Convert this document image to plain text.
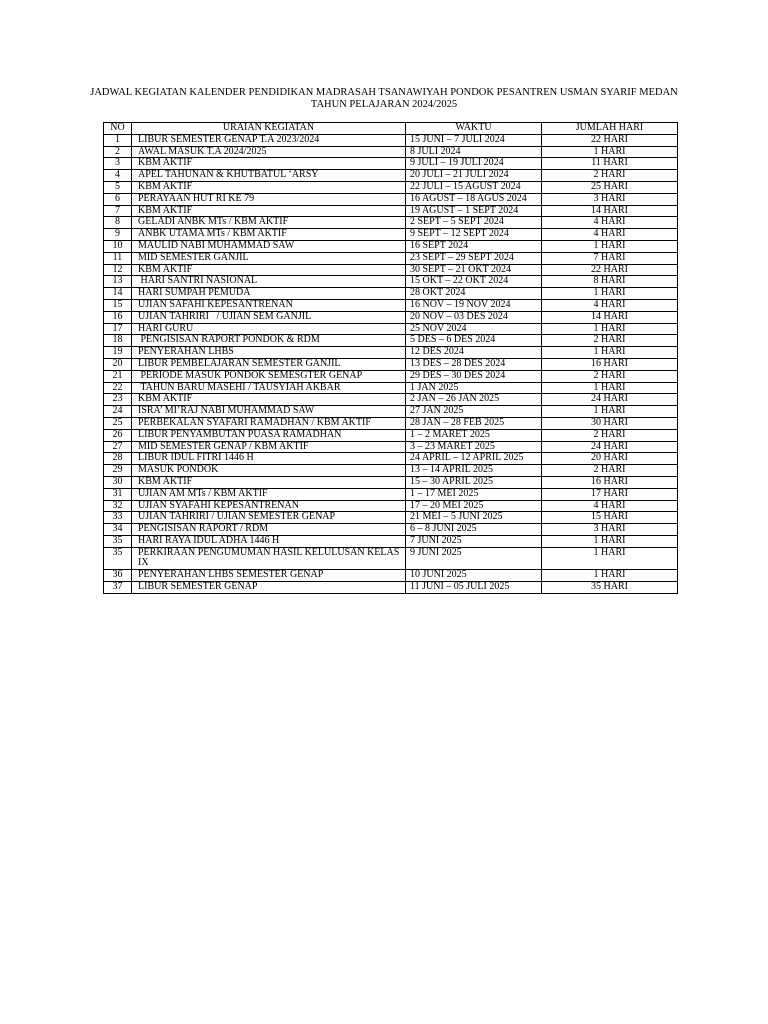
JADWAL KEGIATAN KALENDER PENDIDIKAN MADRASAH TSANAWIYAH PONDOK PESANTREN USMAN SYARIF MEDAN
TAHUN PELAJARAN 2024/2025
NO	URAIAN KEGIATAN	WAKTU	JUMLAH HARI
1	LIBUR SEMESTER GENAP T.A 2023/2024	15 JUNI – 7 JULI 2024	22 HARI
2	AWAL MASUK T.A 2024/2025	8 JULI 2024	1 HARI
3	KBM AKTIF	9 JULI – 19 JULI 2024	11 HARI
4	APEL TAHUNAN & KHUTBATUL ‘ARSY	20 JULI – 21 JULI 2024	2 HARI
5	KBM AKTIF	22 JULI – 15 AGUST 2024	25 HARI
6	PERAYAAN HUT RI KE 79	16 AGUST – 18 AGUS 2024	3 HARI
7	KBM AKTIF	19 AGUST – 1 SEPT 2024	14 HARI
8	GELADI ANBK MTs / KBM AKTIF	2 SEPT – 5 SEPT 2024	4 HARI
9	ANBK UTAMA MTs / KBM AKTIF	9 SEPT – 12 SEPT 2024	4 HARI
10	MAULID NABI MUHAMMAD SAW	16 SEPT 2024	1 HARI
11	MID SEMESTER GANJIL	23 SEPT – 29 SEPT 2024	7 HARI
12	KBM AKTIF	30 SEPT – 21 OKT 2024	22 HARI
13	HARI SANTRI NASIONAL	15 OKT – 22 OKT 2024	8 HARI
14	HARI SUMPAH PEMUDA	28 OKT 2024	1 HARI
15	UJIAN SAFAHI KEPESANTRENAN	16 NOV – 19 NOV 2024	4 HARI
16	UJIAN TAHRIRI   / UJIAN SEM GANJIL	20 NOV – 03 DES 2024	14 HARI
17	HARI GURU	25 NOV 2024	1 HARI
18	PENGISISAN RAPORT PONDOK & RDM	5 DES – 6 DES 2024	2 HARI
19	PENYERAHAN LHBS	12 DES 2024	1 HARI
20	LIBUR PEMBELAJARAN SEMESTER GANJIL	13 DES – 28 DES 2024	16 HARI
21	PERIODE MASUK PONDOK SEMESGTER GENAP	29 DES – 30 DES 2024	2 HARI
22	TAHUN BARU MASEHI / TAUSYIAH AKBAR	1 JAN 2025	1 HARI
23	KBM AKTIF	2 JAN – 26 JAN 2025	24 HARI
24	ISRA’ MI’RAJ NABI MUHAMMAD SAW	27 JAN 2025	1 HARI
25	PERBEKALAN SYAFARI RAMADHAN / KBM AKTIF	28 JAN – 28 FEB 2025	30 HARI
26	LIBUR PENYAMBUTAN PUASA RAMADHAN	1 – 2 MARET 2025	2 HARI
27	MID SEMESTER GENAP / KBM AKTIF	3 – 23 MARET 2025	24 HARI
28	LIBUR IDUL FITRI 1446 H	24 APRIL – 12 APRIL 2025	20 HARI
29	MASUK PONDOK	13 – 14 APRIL 2025	2 HARI
30	KBM AKTIF	15 – 30 APRIL 2025	16 HARI
31	UJIAN AM MTs / KBM AKTIF	1 – 17 MEI 2025	17 HARI
32	UJIAN SYAFAHI KEPESANTRENAN	17 – 20 MEI 2025	4 HARI
33	UJIAN TAHRIRI / UJIAN SEMESTER GENAP	21 MEI – 5 JUNI 2025	15 HARI
34	PENGISISAN RAPORT / RDM	6 – 8 JUNI 2025	3 HARI
35	HARI RAYA IDUL ADHA 1446 H	7 JUNI 2025	1 HARI
35	PERKIRAAN PENGUMUMAN HASIL KELULUSAN KELAS IX	9 JUNI 2025	1 HARI
36	PENYERAHAN LHBS SEMESTER GENAP	10 JUNI 2025	1 HARI
37	LIBUR SEMESTER GENAP	11 JUNI – 05 JULI 2025	35 HARI
